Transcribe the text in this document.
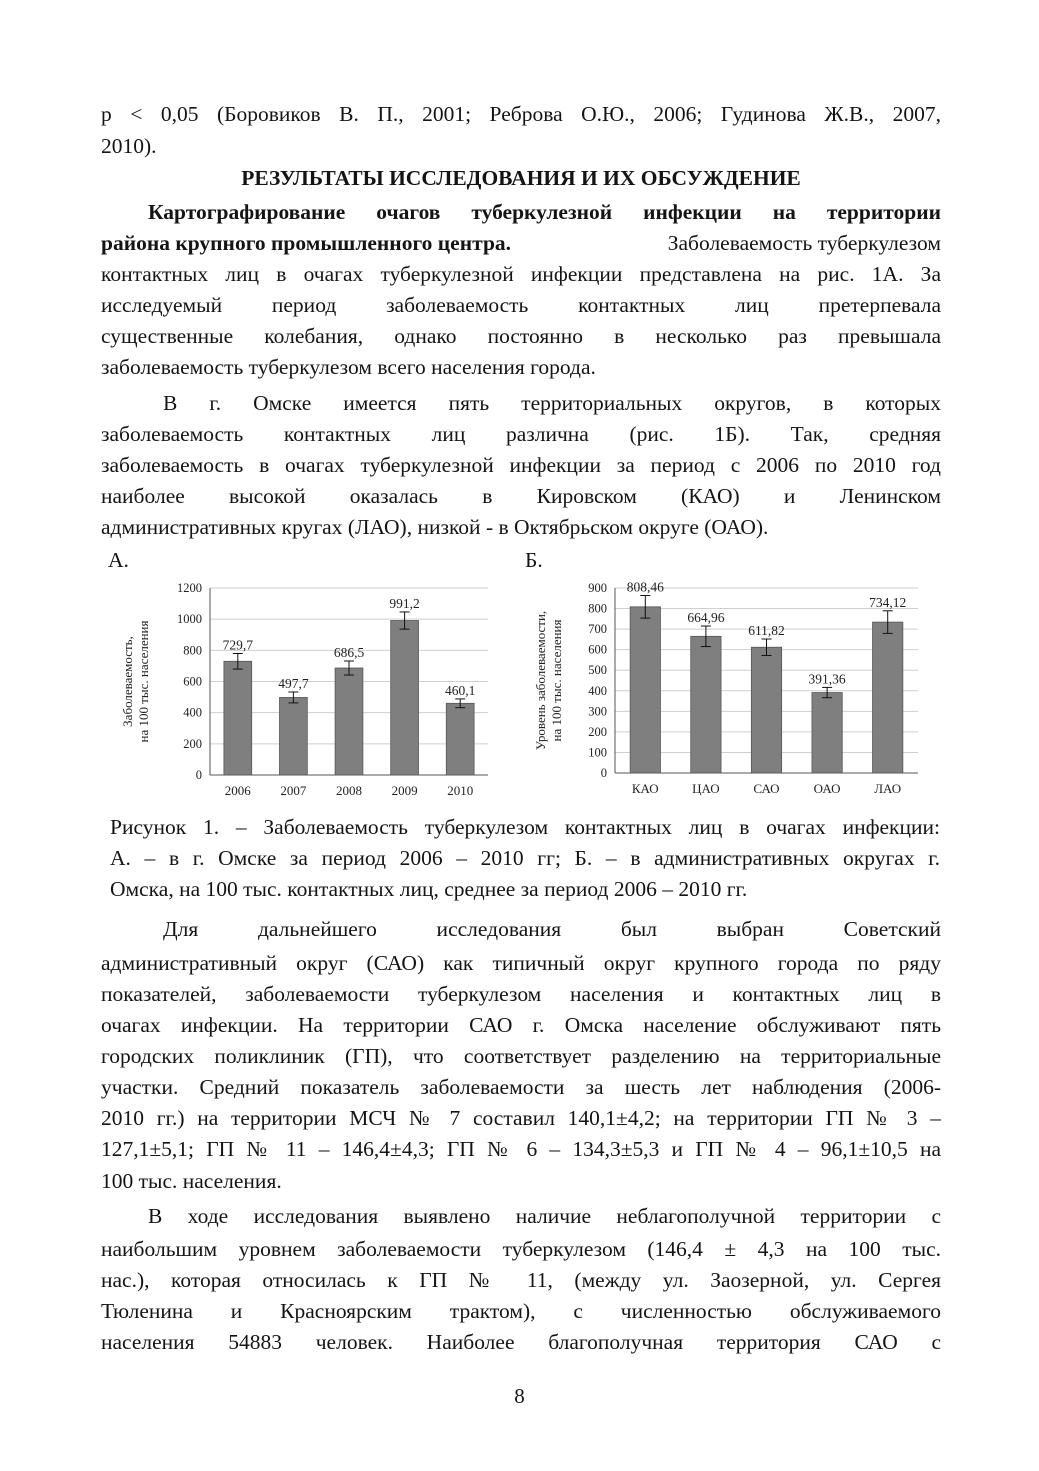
p < 0,05 (Боровиков В. П., 2001; Реброва О.Ю., 2006; Гудинова Ж.В., 2007,
2010).
РЕЗУЛЬТАТЫ ИССЛЕДОВАНИЯ И ИХ ОБСУЖДЕНИЕ
Картографирование очагов туберкулезной инфекции на территории
района крупного промышленного центра.	Заболеваемость туберкулезом
контактных лиц в очагах туберкулезной инфекции представлена на рис. 1А. За
исследуемый период заболеваемость контактных лиц претерпевала
существенные колебания, однако постоянно в несколько раз превышала
заболеваемость туберкулезом всего населения города.
В г. Омске имеется пять территориальных округов, в которых
заболеваемость контактных лиц различна (рис. 1Б). Так, средняя
заболеваемость в очагах туберкулезной инфекции за период с 2006 по 2010 год
наиболее высокой оказалась в Кировском (КАО) и Ленинском
административных кругах (ЛАО), низкой - в Октябрьском округе (ОАО).
А.	Б.
0
200
400
600
800
1000
1200
Заболеваемость,на 100 тыс. населения	729,7
2006
497,7
2007
686,5
2008
991,2
2009
460,1
2010
0
100
200
300
400
500
600
700
800
900
Уровень заболеваемости,на 100 тыс. населения
808,46
КАО
664,96
ЦАО
611,82
САО
391,36
ОАО
734,12
ЛАО
Рисунок 1. – Заболеваемость туберкулезом контактных лиц в очагах инфекции:
А. – в г. Омске за период 2006 – 2010 гг; Б. – в административных округах г.
Омска, на 100 тыс. контактных лиц, среднее за период 2006 – 2010 гг.
Для дальнейшего исследования был выбран Советский
административный округ (САО) как типичный округ крупного города по ряду
показателей, заболеваемости туберкулезом населения и контактных лиц в
очагах инфекции. На территории САО г. Омска население обслуживают пять
городских поликлиник (ГП), что соответствует разделению на территориальные
участки. Средний показатель заболеваемости за шесть лет наблюдения (2006-
2010 гг.) на территории МСЧ № 7 составил 140,1±4,2; на территории ГП № 3 –
127,1±5,1; ГП № 11 – 146,4±4,3; ГП № 6 – 134,3±5,3 и ГП № 4 – 96,1±10,5 на
100 тыс. населения.
В ходе исследования выявлено наличие неблагополучной территории с
наибольшим уровнем заболеваемости туберкулезом (146,4 ± 4,3 на 100 тыс.
нас.), которая относилась к ГП № 11, (между ул. Заозерной, ул. Сергея
Тюленина и Красноярским трактом), с численностью обслуживаемого
населения 54883 человек. Наиболее благополучная территория САО с
8
